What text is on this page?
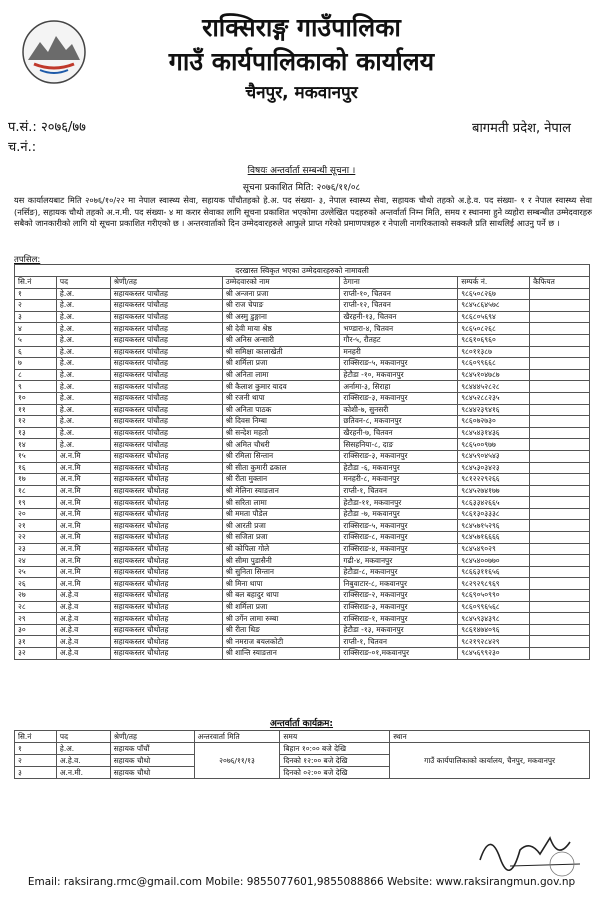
राक्सिराङ्ग गाउँपालिका
गाउँ कार्यपालिकाको कार्यालय
चैनपुर, मकवानपुर
प.सं.: २०७६/७७
च.नं.:
बागमती प्रदेश, नेपाल
विषयः अन्तर्वार्ता सम्बन्धी सूचना ।
सूचना प्रकाशित मिति: २०७६/११/०८
यस कार्यालयबाट मिति २०७६/१०/२२ मा नेपाल स्वास्थ्य सेवा, सहायक पाँचौतहको हे.अ. पद संख्या- ३, नेपाल स्वास्थ्य सेवा, सहायक चौथो तहको अ.हे.व. पद संख्या- १ र नेपाल स्वास्थ्य सेवा (नर्सिङ), सहायक चौथो तहको अ.न.मी. पद संख्या- ४ मा करार सेवाका लागि सूचना प्रकाशित भएकोमा उल्लेखित पदहरुको अन्तर्वार्ता निम्न मिति, समय र स्थानमा हुने व्यहोरा सम्बन्धीत उम्मेदवारहरु सबैको जानकारीको लागि यो सूचना प्रकाशित गरीएको छ । अन्तरवार्ताको दिन उम्मेदवारहरुले आफुले प्राप्त गरेको प्रमाणपत्रहरु र नेपाली नागरिकताको सक्कलै प्रति साथलिई आउनु पर्ने छ ।
तपसिल:
दरखास्त स्विकृत भएका उम्मेदवारहरुको नामावली
सि.नं	पद	श्रेणी/तह	उम्मेदवारको नाम	ठेगाना	सम्पर्क नं.	कैफियत
१	हे.अ.	सहायकस्तर पाचौतह	श्री अन्जना प्रजा	राप्ती-१०, चितवन	९८६५०८२६७	
२	हे.अ.	सहायकस्तर पांचौतह	श्री राज चेपाङ	राप्ती-१२, चितवन	९८४५८६४५७८	
३	हे.अ.	सहायकस्तर पांचौतह	श्री अस्मु डुङ्गाना	खैरहनी-१३, चितवन	९८६८०५६९४	
४	हे.अ.	सहायकस्तर पांचौतह	श्री देवी माया श्रेष्ठ	भण्डारा-४, चितवन	९८६५०८२६८	
५	हे.अ.	सहायकस्तर पांचौतह	श्री अनिस अन्सारी	गौर-५, रौतहट	९८६१०६९६०	
६	हे.अ.	सहायकस्तर पांचौतह	श्री समिक्षा कालाखेती	मनहरी	९८०११३८७	
७	हे.अ.	सहायकस्तर पांचौतह	श्री शर्मिला प्रजा	राक्सिराङ-५, मकवानपुर	९८६०९९६६८	
८	हे.अ.	सहायकस्तर पांचौतह	श्री अनिता लामा	हेटौडा -१०, मकवानपुर	९८४५१०४७८७	
९	हे.अ.	सहायकस्तर पांचौतह	श्री कैलाश कुमार यादव	अर्नामा-३, सिराहा	९८४४४५२८२८	
१०	हे.अ.	सहायकस्तर पांचौतह	श्री रजनी थापा	राक्सिराङ-३, मकवानपुर	९८४५२८८२३५	
११	हे.अ.	सहायकस्तर पांचौतह	श्री अनिता पाठक	कोशी-७, सुनसरी	९८४४२३९४१६	
१२	हे.अ.	सहायकस्तर पांचौतह	श्री दिवस निम्बा	छतिवन-८, मकवानपुर	९८६०७२७३०	
१३	हे.अ.	सहायकस्तर पांचौतह	श्री सन्देश महतो	खैरहनी-७, चितवन	९८४५४३१४३६	
१४	हे.अ.	सहायकस्तर पांचौतह	श्री अमित चौधरी	सिसहनिया-८, दाङ	९८६५००९७७	
१५	अ.न.मि	सहायकस्तर चौथोतह	श्री रमिला सिन्तान	राक्सिराङ-३, मकवानपुर	९८४५९०४५४३	
१६	अ.न.मि	सहायकस्तर चौथोतह	श्री सीता कुमारी ढकाल	हेटौडा -६, मकवानपुर	९८४५३०३४२३	
१७	अ.न.मि	सहायकस्तर चौथोतह	श्री रीता मुक्तान	मनहरी-८, मकवानपुर	९८१२२२९२६६	
१८	अ.न.मि	सहायकस्तर चौथोतह	श्री मेलिना स्याङतान	राप्ती-१, चितवन	९८४५२७४१७७	
१९	अ.न.मि	सहायकस्तर चौथोतह	श्री सरिता लामा	हेटौडा-११, मकवानपुर	९८६३३४२६६५	
२०	अ.न.मि	सहायकस्तर चौथोतह	श्री ममता पौडेल	हेटौडा -७, मकवानपुर	९८६१३०३३३८	
२१	अ.न.मि	सहायकस्तर चौथोतह	श्री आरती प्रजा	राक्सिराङ-५, मकवानपुर	९८४५७१५२९६	
२२	अ.न.मि	सहायकस्तर चौथोतह	श्री सजिता प्रजा	राक्सिराङ-८, मकवानपुर	९८४५७१६६६६	
२३	अ.न.मि	सहायकस्तर चौथोतह	श्री कोपिला गोले	राक्सिराङ-४, मकवानपुर	९८४५४९०२९	
२४	अ.न.मि	सहायकस्तर चौथोतह	श्री सीमा पुडासैनी	गढी-४, मकवानपुर	९८४५४००७७०	
२५	अ.न.मि	सहायकस्तर चौथोतह	श्री सुनिता सिन्तान	हेटौडा-८, मकवानपुर	९८६६३११६५६	
२६	अ.न.मि	सहायकस्तर चौथोतह	श्री मिना थापा	निबुवाटार-८, मकवानपुर	९८२९२९८९६९	
२७	अ.हे.व	सहायकस्तर चौथोतह	श्री बल बहादुर थापा	राक्सिराङ-२, मकवानपुर	९८६९०५०९९०	
२८	अ.हे.व	सहायकस्तर चौथोतह	श्री शर्मिला प्रजा	राक्सिराङ-३, मकवानपुर	९८६०९९६५६८	
२९	अ.हे.व	सहायकस्तर चौथोतह	श्री उर्गेन लामा रुम्बा	राक्सिराङ-१, मकवानपुर	९८४५९३४३९८	
३०	अ.हे.व	सहायकस्तर चौथोतह	श्री रीता थिङ	हेटौडा -१३, मकवानपुर	९८६१४७४०९६	
३१	अ.हे.व	सहायकस्तर चौथोतह	श्री नमराज बयलकोटी	राप्ती-१, चितवन	९८२१९२८४२९	
३२	अ.हे.व	सहायकस्तर चौथोतह	श्री शान्ति स्याङतान	राक्सिराङ-०१,मकवानपुर	९८४५६९९२३०	
अन्तर्वार्ता कार्यक्रम:
सि.नं	पद	श्रेणी/तह	अन्तरवार्ता मिति	समय	स्थान
१	हे.अ.	सहायक पाँचौं	२०७६/११/१३	बिहान १०:०० बजे देखि	गाउँ कार्यपालिकाको कार्यालय, चैनपुर, मकवानपुर
२	अ.हे.व.	सहायक चौथो		दिनको १२:०० बजे देखि	
३	अ.न.मी.	सहायक चौथो		दिनको ०२:०० बजे देखि	
Email: raksirang.rmc@gmail.com Mobile: 9855077601,9855088866 Website: www.raksirangmun.gov.np
